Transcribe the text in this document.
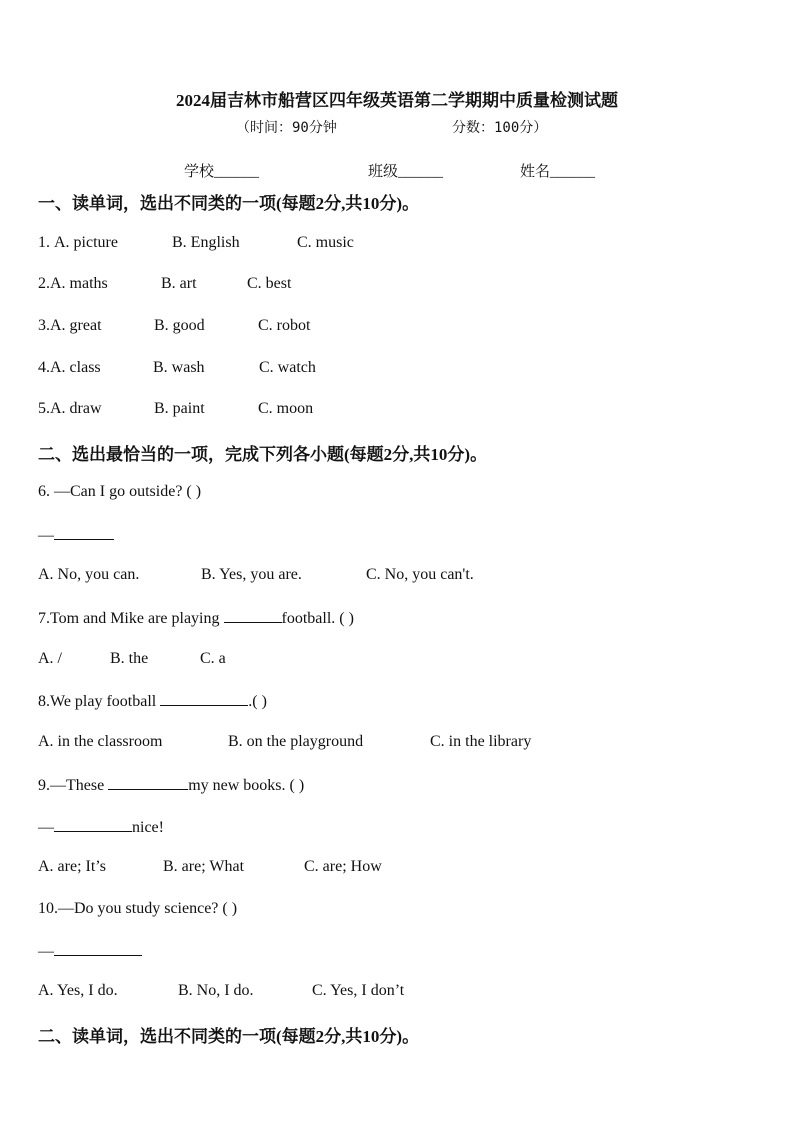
2024届吉林市船营区四年级英语第二学期期中质量检测试题
（时间：90分钟	分数：100分）
学校______	班级______	姓名______
一、读单词，选出不同类的一项(每题2分,共10分)。
1. A. picture	B. English	C. music
2.A. maths	B. art	C. best
3.A. great	B. good	C. robot
4.A. class	B. wash	C. watch
5.A. draw	B. paint	C. moon
二、选出最恰当的一项，完成下列各小题(每题2分,共10分)。
6. —Can I go outside? ( )
—
A. No, you can.	B. Yes, you are.	C. No, you can't.
7.Tom and Mike are playing	football. ( )
A. /	B. the	C. a
8.We play football	.( )
A. in the classroom	B. on the playground	C. in the library
9.—These	my new books. ( )
—	nice!
A. are; It’s	B. are; What	C. are; How
10.—Do you study science? ( )
—
A. Yes, I do.	B. No, I do.	C. Yes, I don’t
二、读单词，选出不同类的一项(每题2分,共10分)。
